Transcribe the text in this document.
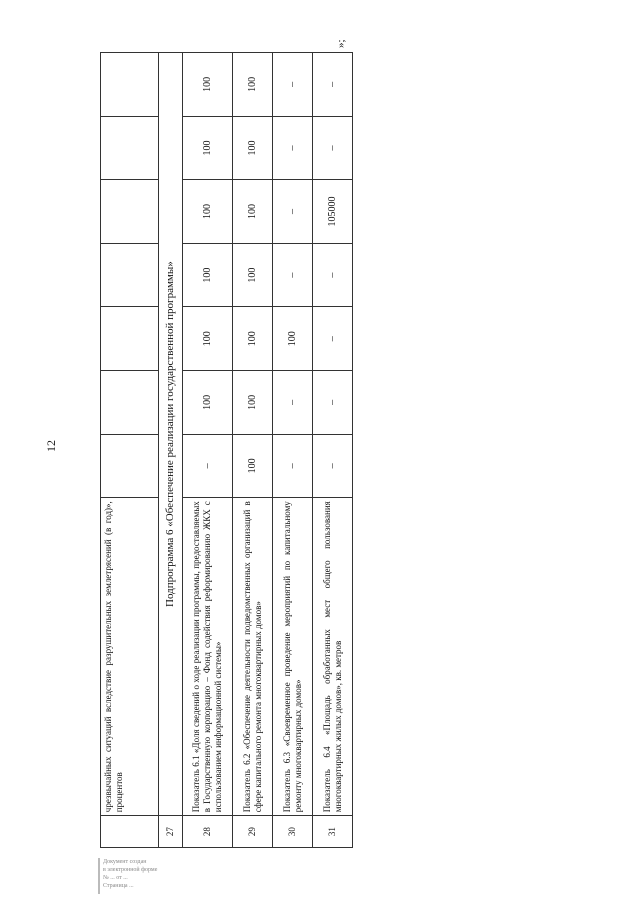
12
	чрезвычайных ситуаций вследствие разрушительных землетрясений (в год)», процентов							
27	Подпрограмма 6 «Обеспечение реализации государственной программы»							
28	Показатель 6.1 «Доля сведений о ходе реализации программы, предоставляемых в Государственную корпорацию – Фонд содействия реформированию ЖКХ с использованием информационной системы»	–	100	100	100	100	100	100
29	Показатель 6.2 «Обеспечение деятельности подведомственных организаций в сфере капитального ремонта многоквартирных домов»	100	100	100	100	100	100	100
30	Показатель 6.3 «Своевременное проведение мероприятий по капитальному ремонту многоквартирных домов»	–	–	100	–	–	–	–
31	Показатель 6.4 «Площадь обработанных мест общего пользования многоквартирных жилых домов», кв. метров	–	–	–	–	105000	–	–
»;
Документ создан
в электронной форме
№ ... от ...
Страница ...
